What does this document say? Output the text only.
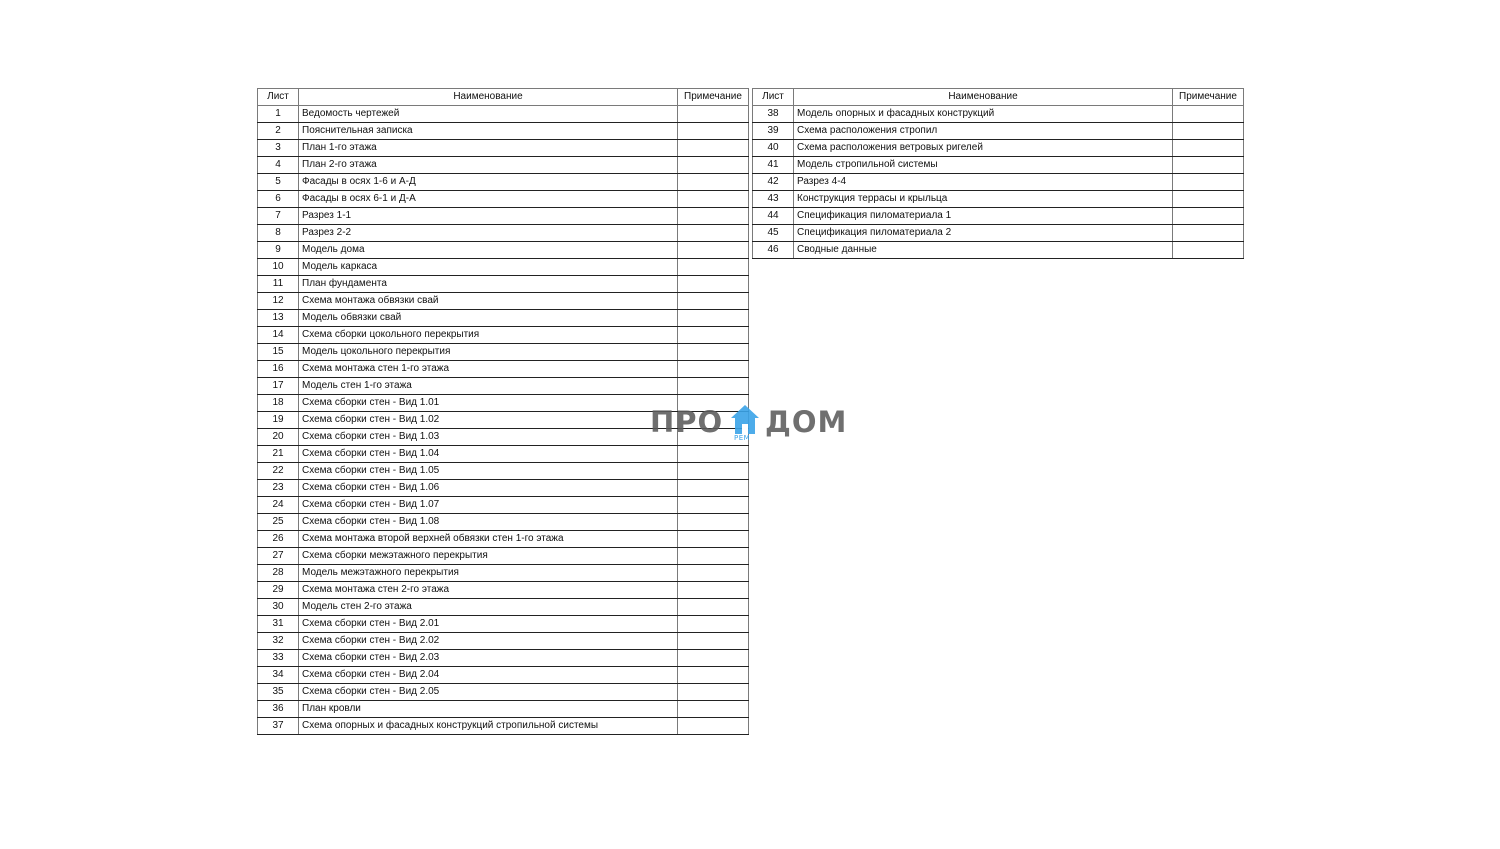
Лист	Наименование	Примечание
1	Ведомость чертежей	
2	Пояснительная записка	
3	План 1-го этажа	
4	План 2-го этажа	
5	Фасады в осях 1-6 и А-Д	
6	Фасады в осях 6-1 и Д-А	
7	Разрез 1-1	
8	Разрез 2-2	
9	Модель дома	
10	Модель каркаса	
11	План фундамента	
12	Схема монтажа обвязки свай	
13	Модель обвязки свай	
14	Схема сборки цокольного перекрытия	
15	Модель цокольного перекрытия	
16	Схема монтажа стен 1-го этажа	
17	Модель стен 1-го этажа	
18	Схема сборки стен - Вид 1.01	
19	Схема сборки стен - Вид 1.02	
20	Схема сборки стен - Вид 1.03	
21	Схема сборки стен - Вид 1.04	
22	Схема сборки стен - Вид 1.05	
23	Схема сборки стен - Вид 1.06	
24	Схема сборки стен - Вид 1.07	
25	Схема сборки стен - Вид 1.08	
26	Схема монтажа второй верхней обвязки стен 1-го этажа	
27	Схема сборки межэтажного перекрытия	
28	Модель межэтажного перекрытия	
29	Схема монтажа стен 2-го этажа	
30	Модель стен 2-го этажа	
31	Схема сборки стен - Вид 2.01	
32	Схема сборки стен - Вид 2.02	
33	Схема сборки стен - Вид 2.03	
34	Схема сборки стен - Вид 2.04	
35	Схема сборки стен - Вид 2.05	
36	План кровли	
37	Схема опорных и фасадных конструкций стропильной системы	
Лист	Наименование	Примечание
38	Модель опорных и фасадных конструкций	
39	Схема расположения стропил	
40	Схема расположения ветровых ригелей	
41	Модель стропильной системы	
42	Разрез 4-4	
43	Конструкция террасы и крыльца	
44	Спецификация пиломатериала 1	
45	Спецификация пиломатериала 2	
46	Сводные данные	
ПРО РЕМ ДОМ
